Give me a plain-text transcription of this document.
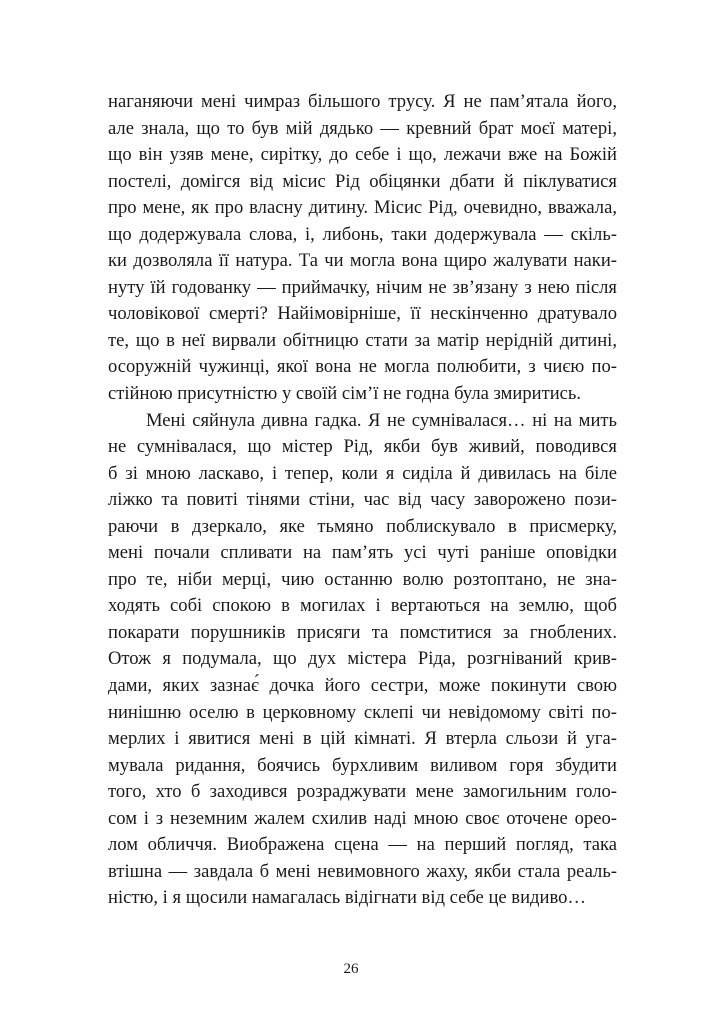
наганяючи мені чимраз більшого трусу. Я не пам’ятала його,
але знала, що то був мій дядько — кревний брат моєї матері,
що він узяв мене, сирітку, до себе і що, лежачи вже на Божій
постелі, домігся від місис Рід обіцянки дбати й піклуватися
про мене, як про власну дитину. Місис Рід, очевидно, вважала,
що додержувала слова, і, либонь, таки додержувала — скіль-
ки дозволяла її натура. Та чи могла вона щиро жалувати наки-
нуту їй годованку — приймачку, нічим не зв’язану з нею після
чоловікової смерті? Найімовірніше, її нескінченно дратувало
те, що в неї вирвали обітницю стати за матір нерідній дитині,
осоружній чужинці, якої вона не могла полюбити, з чиєю по-
стійною присутністю у своїй сім’ї не годна була змиритись.
Мені сяйнула дивна гадка. Я не сумнівалася… ні на мить
не сумнівалася, що містер Рід, якби був живий, поводився
б зі мною ласкаво, і тепер, коли я сиділа й дивилась на біле
ліжко та повиті тінями стіни, час від часу заворожено пози-
раючи в дзеркало, яке тьмяно поблискувало в присмерку,
мені почали спливати на пам’ять усі чуті раніше оповідки
про те, ніби мерці, чию останню волю розтоптано, не зна-
ходять собі спокою в могилах і вертаються на землю, щоб
покарати порушників присяги та помститися за гноблених.
Отож я подумала, що дух містера Ріда, розгніваний крив-
дами, яких зазнає́ дочка його сестри, може покинути свою
нинішню оселю в церковному склепі чи невідомому світі по-
мерлих і явитися мені в цій кімнаті. Я втерла сльози й уга-
мувала ридання, боячись бурхливим виливом горя збудити
того, хто б заходився розраджувати мене замогильним голо-
сом і з неземним жалем схилив наді мною своє оточене орео-
лом обличчя. Виображена сцена — на перший погляд, така
втішна — завдала б мені невимовного жаху, якби стала реаль-
ністю, і я щосили намагалась відігнати від себе це видиво…
26
